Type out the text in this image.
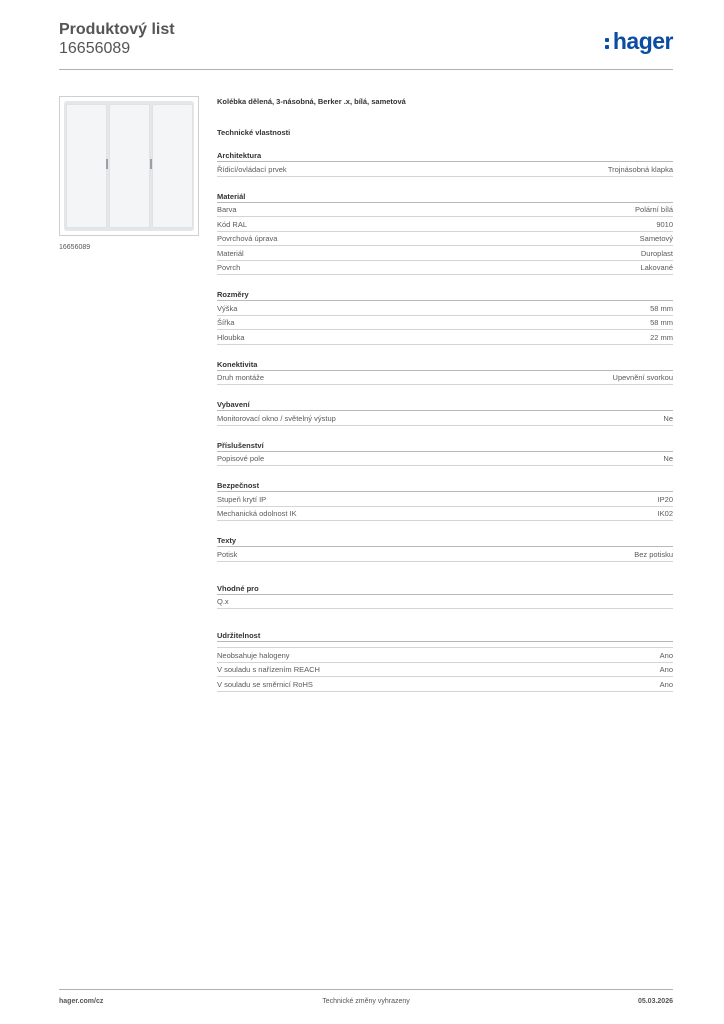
Produktový list
16656089	hager
16656089
Kolébka dělená, 3-násobná, Berker .x, bílá, sametová
Technické vlastnosti
Architektura
Řídicí/ovládací prvek	Trojnásobná klapka
Materiál
Barva	Polární bílá
Kód RAL	9010
Povrchová úprava	Sametový
Materiál	Duroplast
Povrch	Lakované
Rozměry
Výška	58 mm
Šířka	58 mm
Hloubka	22 mm
Konektivita
Druh montáže	Upevnění svorkou
Vybavení
Monitorovací okno / světelný výstup	Ne
Příslušenství
Popisové pole	Ne
Bezpečnost
Stupeň krytí IP	IP20
Mechanická odolnost IK	IK02
Texty
Potisk	Bez potisku
Vhodné pro
Q.x
Udržitelnost
Neobsahuje halogeny	Ano
V souladu s nařízením REACH	Ano
V souladu se směrnicí RoHS	Ano
hager.com/cz	Technické změny vyhrazeny	05.03.2026
